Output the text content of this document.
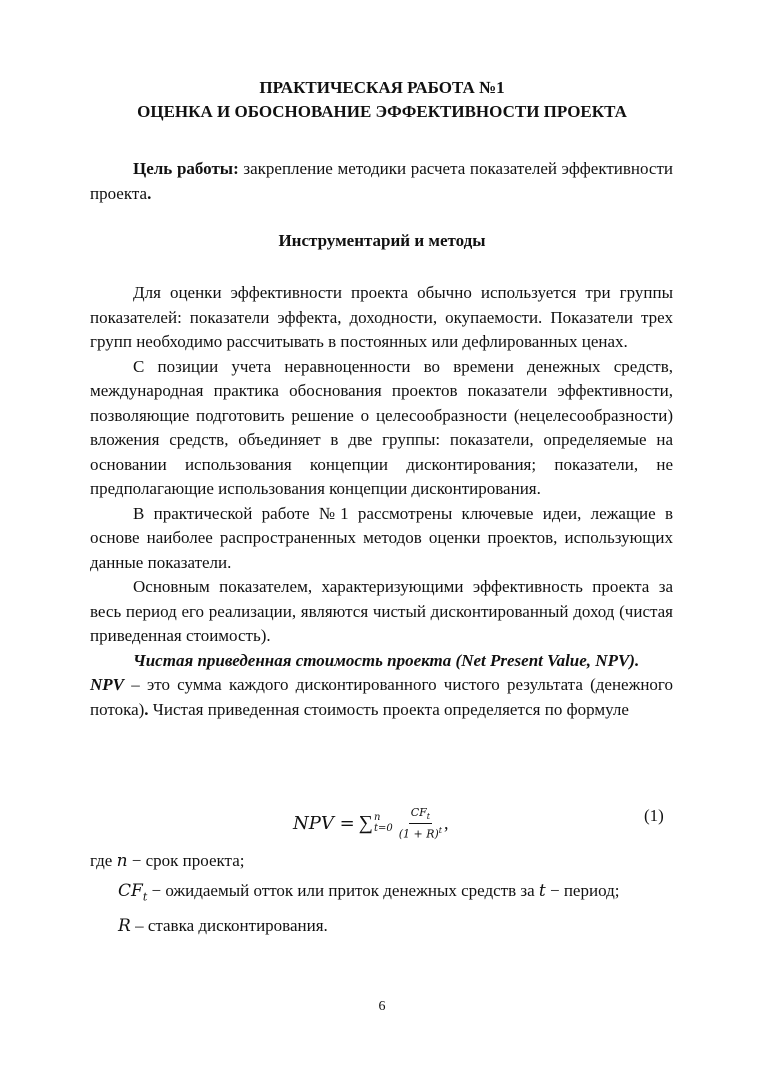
ПРАКТИЧЕСКАЯ РАБОТА №1
ОЦЕНКА И ОБОСНОВАНИЕ ЭФФЕКТИВНОСТИ ПРОЕКТА

Цель работы: закрепление методики расчета показателей эффективности проекта.

Инструментарий и методы

Для оценки эффективности проекта обычно используется три группы показателей: показатели эффекта, доходности, окупаемости. Показатели трех групп необходимо рассчитывать в постоянных или дефлированных ценах.

С позиции учета неравноценности во времени денежных средств, международная практика обоснования проектов показатели эффективности, позволяющие подготовить решение о целесообразности (нецелесообразности) вложения средств, объединяет в две группы: показатели, определяемые на основании использования концепции дисконтирования; показатели, не предполагающие использования концепции дисконтирования.

В практической работе №1 рассмотрены ключевые идеи, лежащие в основе наиболее распространенных методов оценки проектов, использующих данные показатели.

Основным показателем, характеризующими эффективность проекта за весь период его реализации, являются чистый дисконтированный доход (чистая приведенная стоимость).

Чистая приведенная стоимость проекта (Net Present Value, NPV).

NPV – это сумма каждого дисконтированного чистого результата (денежного потока). Чистая приведенная стоимость проекта определяется по формуле

NPV = ∑ n
$t=0 \frac{CF_t}{(1 + R)^t}$ ,	(1)
где n − срок проекта;
$CF_t$ − ожидаемый отток или приток денежных средств за t − период;
R – ставка дисконтирования.
6
